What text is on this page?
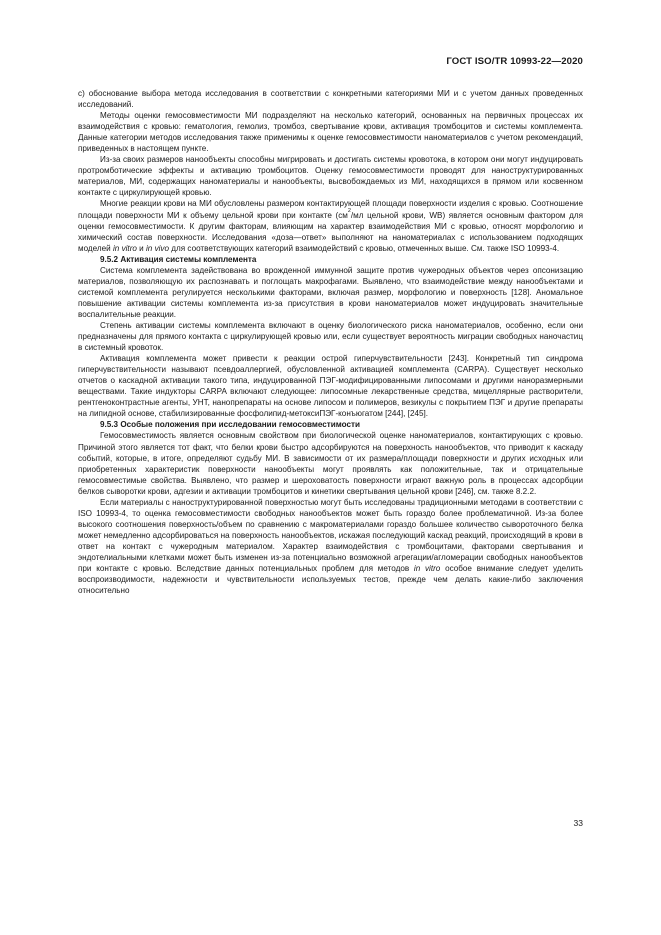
ГОСТ ISO/TR 10993-22—2020

с) обоснование выбора метода исследования в соответствии с конкретными категориями МИ и с учетом данных проведенных исследований.

Методы оценки гемосовместимости МИ подразделяют на несколько категорий, основанных на первичных процессах их взаимодействия с кровью: гематология, гемолиз, тромбоз, свертывание крови, активация тромбоцитов и системы комплемента. Данные категории методов исследования также применимы к оценке гемосовместимости наноматериалов с учетом рекомендаций, приведенных в настоящем пункте.

Из-за своих размеров нанообъекты способны мигрировать и достигать системы кровотока, в котором они могут индуцировать протромботические эффекты и активацию тромбоцитов. Оценку гемосовместимости проводят для наноструктурированных материалов, МИ, содержащих наноматериалы и нанообъекты, высвобождаемых из МИ, находящихся в прямом или косвенном контакте с циркулирующей кровью.

Многие реакции крови на МИ обусловлены размером контактирующей площади поверхности изделия с кровью. Соотношение площади поверхности МИ к объему цельной крови при контакте ($см^2/мл$ цельной крови, WB) является основным фактором для оценки гемосовместимости. К другим факторам, влияющим на характер взаимодействия МИ с кровью, относят морфологию и химический состав поверхности. Исследования «доза—ответ» выполняют на наноматериалах с использованием подходящих моделей in vitro и in vivo для соответствующих категорий взаимодействий с кровью, отмеченных выше. См. также ISO 10993-4.

9.5.2 Активация системы комплемента

Система комплемента задействована во врожденной иммунной защите против чужеродных объектов через опсонизацию материалов, позволяющую их распознавать и поглощать макрофагами. Выявлено, что взаимодействие между нанообъектами и системой комплемента регулируется несколькими факторами, включая размер, морфологию и поверхность [128]. Аномальное повышение активации системы комплемента из-за присутствия в крови наноматериалов может индуцировать значительные воспалительные реакции.

Степень активации системы комплемента включают в оценку биологического риска наноматериалов, особенно, если они предназначены для прямого контакта с циркулирующей кровью или, если существует вероятность миграции свободных наночастиц в системный кровоток.

Активация комплемента может привести к реакции острой гиперчувствительности [243]. Конкретный тип синдрома гиперчувствительности называют псевдоаллергией, обусловленной активацией комплемента (CARPA). Существует несколько отчетов о каскадной активации такого типа, индуцированной ПЭГ-модифицированными липосомами и другими наноразмерными веществами. Такие индукторы CARPA включают следующее: липосомные лекарственные средства, мицеллярные растворители, рентгеноконтрастные агенты, УНТ, нанопрепараты на основе липосом и полимеров, везикулы с покрытием ПЭГ и другие препараты на липидной основе, стабилизированные фосфолипид-метоксиПЭГ-конъюгатом [244], [245].

9.5.3 Особые положения при исследовании гемосовместимости

Гемосовместимость является основным свойством при биологической оценке наноматериалов, контактирующих с кровью. Причиной этого является тот факт, что белки крови быстро адсорбируются на поверхность нанообъектов, что приводит к каскаду событий, которые, в итоге, определяют судьбу МИ. В зависимости от их размера/площади поверхности и других исходных или приобретенных характеристик поверхности нанообъекты могут проявлять как положительные, так и отрицательные гемосовместимые свойства. Выявлено, что размер и шероховатость поверхности играют важную роль в процессах адсорбции белков сыворотки крови, адгезии и активации тромбоцитов и кинетики свертывания цельной крови [246], см. также 8.2.2.

Если материалы с наноструктурированной поверхностью могут быть исследованы традиционными методами в соответствии с ISO 10993-4, то оценка гемосовместимости свободных нанообъектов может быть гораздо более проблематичной. Из-за более высокого соотношения поверхность/объем по сравнению с макроматериалами гораздо большее количество сывороточного белка может немедленно адсорбироваться на поверхность нанообъектов, искажая последующий каскад реакций, происходящий в крови в ответ на контакт с чужеродным материалом. Характер взаимодействия с тромбоцитами, факторами свертывания и эндотелиальными клетками может быть изменен из-за потенциально возможной агрегации/агломерации свободных нанообъектов при контакте с кровью. Вследствие данных потенциальных проблем для методов in vitro особое внимание следует уделить воспроизводимости, надежности и чувствительности используемых тестов, прежде чем делать какие-либо заключения относительно

33
